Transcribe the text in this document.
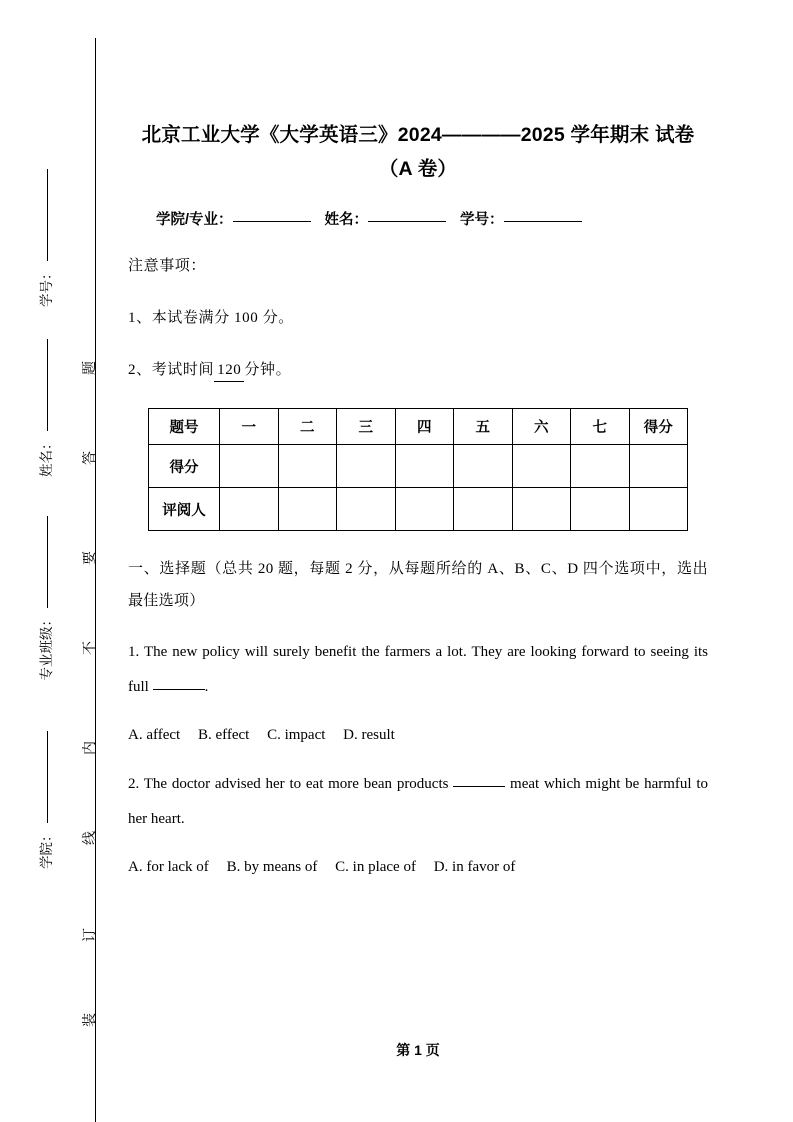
学号：
姓名：
专业班级：
学院：
题
答
要
不
内
线
订
装
北京工业大学《大学英语三》2024————2025 学年期末 试卷（A 卷）
学院/专业：	姓名：	学号：

注意事项：

1、本试卷满分 100 分。

2、考试时间 120 分钟。

题号	一	二	三	四	五	六	七	得分
得分								
评阅人								

一、选择题（总共 20 题，每题 2 分，从每题所给的 A、B、C、D 四个选项中，选出最佳选项）

1. The new policy will surely benefit the farmers a lot. They are looking forward to seeing its full	.

A. affect B. effect C. impact D. result

2. The doctor advised her to eat more bean products	meat which might be harmful to her heart.

A. for lack of B. by means of C. in place of D. in favor of

第 1 页
